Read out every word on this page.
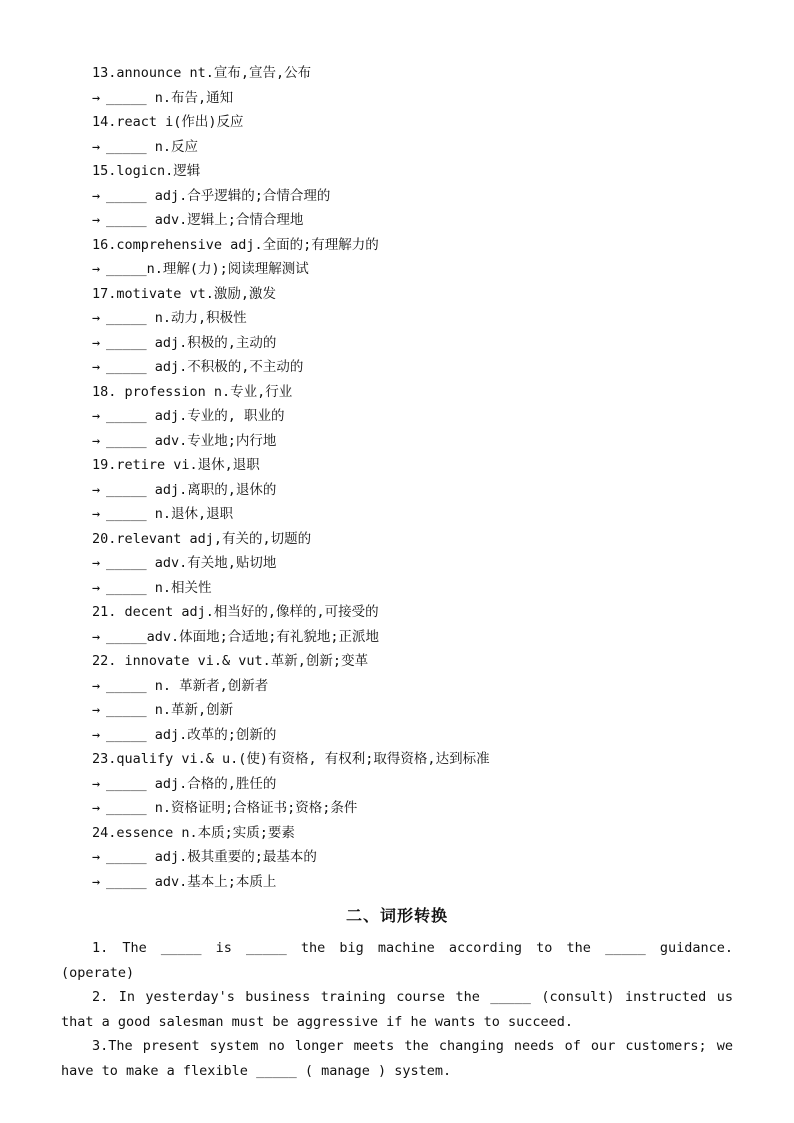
13.announce nt.宣布,宣告,公布
→ _____ n.布告,通知
14.react i(作出)反应
→ _____ n.反应
15.logicn.逻辑
→ _____ adj.合乎逻辑的;合情合理的
→ _____ adv.逻辑上;合情合理地
16.comprehensive adj.全面的;有理解力的
→ _____n.理解(力);阅读理解测试
17.motivate vt.激励,激发
→ _____ n.动力,积极性
→ _____ adj.积极的,主动的
→ _____ adj.不积极的,不主动的
18. profession n.专业,行业
→ _____ adj.专业的, 职业的
→ _____ adv.专业地;内行地
19.retire vi.退休,退职
→ _____ adj.离职的,退休的
→ _____ n.退休,退职
20.relevant adj,有关的,切题的
→ _____ adv.有关地,贴切地
→ _____ n.相关性
21. decent adj.相当好的,像样的,可接受的
→ _____adv.体面地;合适地;有礼貌地;正派地
22. innovate vi.& vut.革新,创新;变革
→ _____ n. 革新者,创新者
→ _____ n.革新,创新
→ _____ adj.改革的;创新的
23.qualify vi.& u.(使)有资格, 有权利;取得资格,达到标准
→ _____ adj.合格的,胜任的
→ _____ n.资格证明;合格证书;资格;条件
24.essence n.本质;实质;要素
→ _____ adj.极其重要的;最基本的
→ _____ adv.基本上;本质上
二、词形转换

1. The _____ is _____ the big machine according to the _____ guidance. (operate)

2. In yesterday's business training course the _____ (consult) instructed us that a good salesman must be aggressive if he wants to succeed.

3.The present system no longer meets the changing needs of our customers; we have to make a flexible _____ ( manage ) system.
